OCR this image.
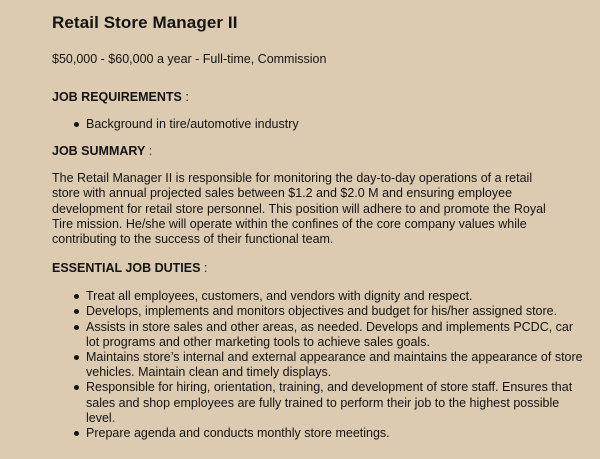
Retail Store Manager II

$50,000 - $60,000 a year - Full-time, Commission

JOB REQUIREMENTS :

Background in tire/automotive industry

JOB SUMMARY :

The Retail Manager II is responsible for monitoring the day-to-day operations of a retail store with annual projected sales between $1.2 and $2.0 M and ensuring employee development for retail store personnel. This position will adhere to and promote the Royal Tire mission. He/she will operate within the confines of the core company values while contributing to the success of their functional team.

ESSENTIAL JOB DUTIES :

Treat all employees, customers, and vendors with dignity and respect.
Develops, implements and monitors objectives and budget for his/her assigned store.
Assists in store sales and other areas, as needed. Develops and implements PCDC, car lot programs and other marketing tools to achieve sales goals.
Maintains store’s internal and external appearance and maintains the appearance of store vehicles. Maintain clean and timely displays.
Responsible for hiring, orientation, training, and development of store staff. Ensures that sales and shop employees are fully trained to perform their job to the highest possible level.
Prepare agenda and conducts monthly store meetings.
